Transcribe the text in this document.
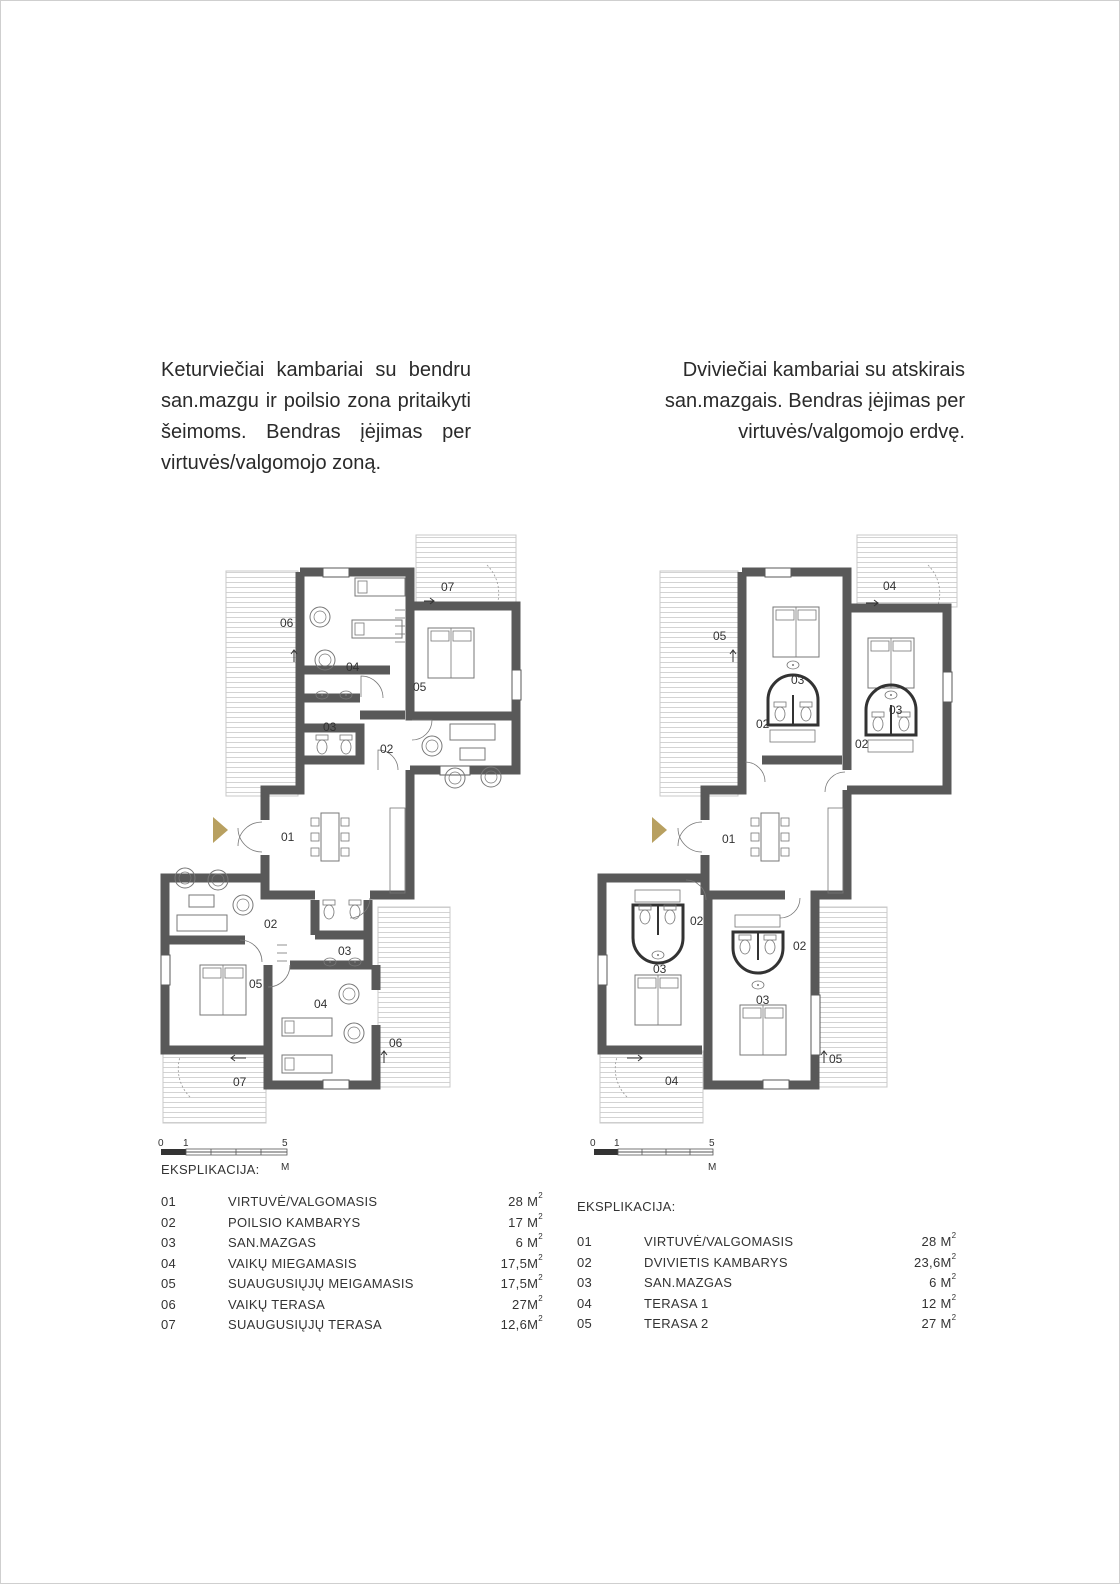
Keturviečiai kambariai su bendru san.mazgu ir poilsio zona pritaikyti šeimoms. Bendras įėjimas per virtuvės/valgomojo zoną.
Dviviečiai kambariai su atskirais san.mazgais. Bendras įėjimas per virtuvės/valgomojo erdvę.
06
04
07
05
03
02
01
02
03
05
04
06
07
0 1	5
M
04
05
03
02
03
02
01
02
02
03
03
05
04
0 1	5
M
EKSPLIKACIJA:
01	VIRTUVĖ/VALGOMASIS	28 $M^2$
02	POILSIO KAMBARYS	17 $M^2$
03	SAN.MAZGAS	6 $M^2$
04	VAIKŲ MIEGAMASIS	$17,5M^2$
05	SUAUGUSIŲJŲ MEIGAMASIS	$17,5M^2$
06	VAIKŲ TERASA	$27M^2$
07	SUAUGUSIŲJŲ TERASA	$12,6M^2$
EKSPLIKACIJA:
01	VIRTUVĖ/VALGOMASIS	28 $M^2$
02	DVIVIETIS KAMBARYS	$23,6M^2$
03	SAN.MAZGAS	6 $M^2$
04	TERASA 1	12 $M^2$
05	TERASA 2	27 $M^2$
